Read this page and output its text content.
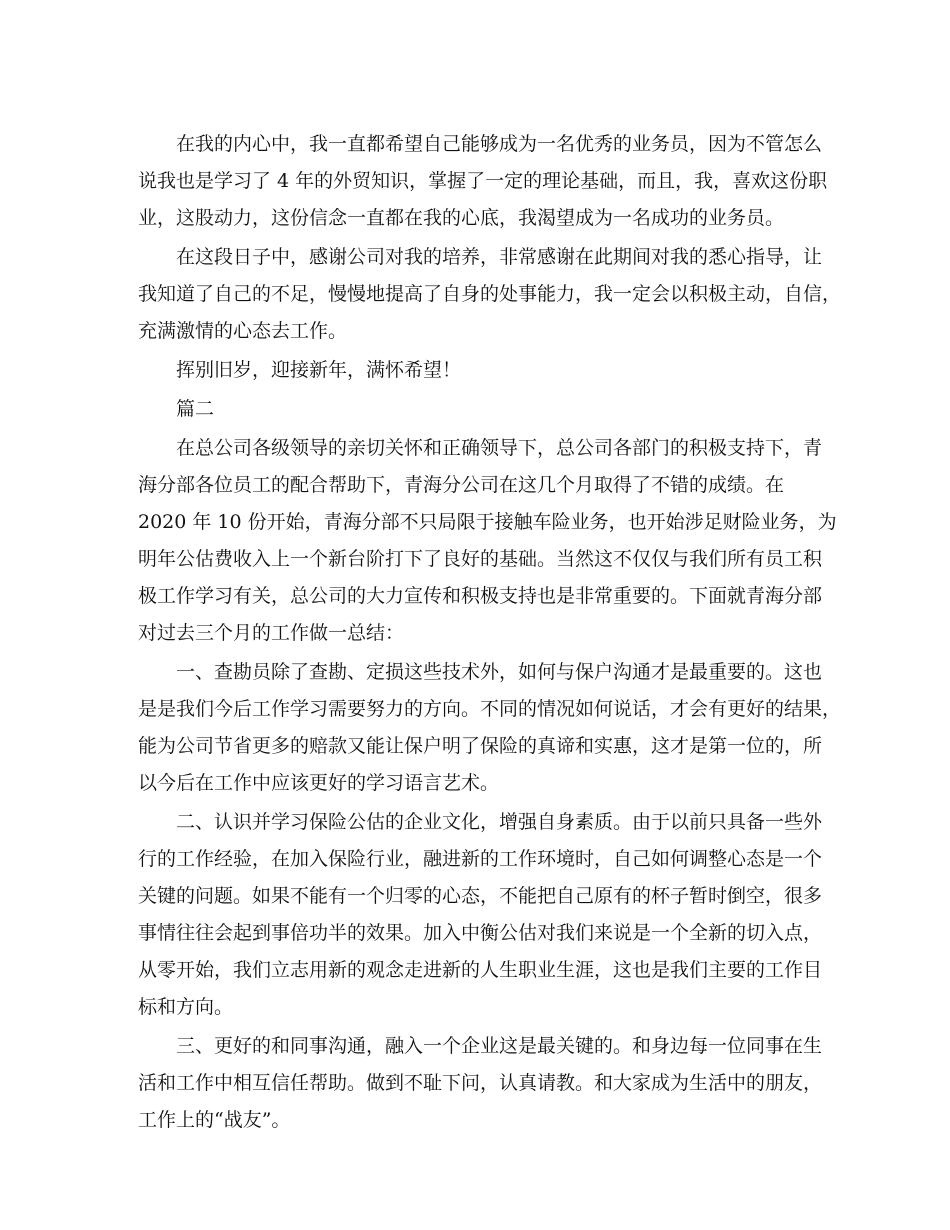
在我的内心中，我一直都希望自己能够成为一名优秀的业务员，因为不管怎么
说我也是学习了 4 年的外贸知识，掌握了一定的理论基础，而且，我，喜欢这份职
业，这股动力，这份信念一直都在我的心底，我渴望成为一名成功的业务员。
在这段日子中，感谢公司对我的培养，非常感谢在此期间对我的悉心指导，让
我知道了自己的不足，慢慢地提高了自身的处事能力，我一定会以积极主动，自信，
充满激情的心态去工作。
挥别旧岁，迎接新年，满怀希望！
篇二
在总公司各级领导的亲切关怀和正确领导下，总公司各部门的积极支持下，青
海分部各位员工的配合帮助下，青海分公司在这几个月取得了不错的成绩。在
2020 年 10 份开始，青海分部不只局限于接触车险业务，也开始涉足财险业务，为
明年公估费收入上一个新台阶打下了良好的基础。当然这不仅仅与我们所有员工积
极工作学习有关，总公司的大力宣传和积极支持也是非常重要的。下面就青海分部
对过去三个月的工作做一总结：
一、查勘员除了查勘、定损这些技术外，如何与保户沟通才是最重要的。这也
是是我们今后工作学习需要努力的方向。不同的情况如何说话，才会有更好的结果，
能为公司节省更多的赔款又能让保户明了保险的真谛和实惠，这才是第一位的，所
以今后在工作中应该更好的学习语言艺术。
二、认识并学习保险公估的企业文化，增强自身素质。由于以前只具备一些外
行的工作经验，在加入保险行业，融进新的工作环境时，自己如何调整心态是一个
关键的问题。如果不能有一个归零的心态，不能把自己原有的杯子暂时倒空，很多
事情往往会起到事倍功半的效果。加入中衡公估对我们来说是一个全新的切入点，
从零开始，我们立志用新的观念走进新的人生职业生涯，这也是我们主要的工作目
标和方向。
三、更好的和同事沟通，融入一个企业这是最关键的。和身边每一位同事在生
活和工作中相互信任帮助。做到不耻下问，认真请教。和大家成为生活中的朋友，
工作上的“战友”。
